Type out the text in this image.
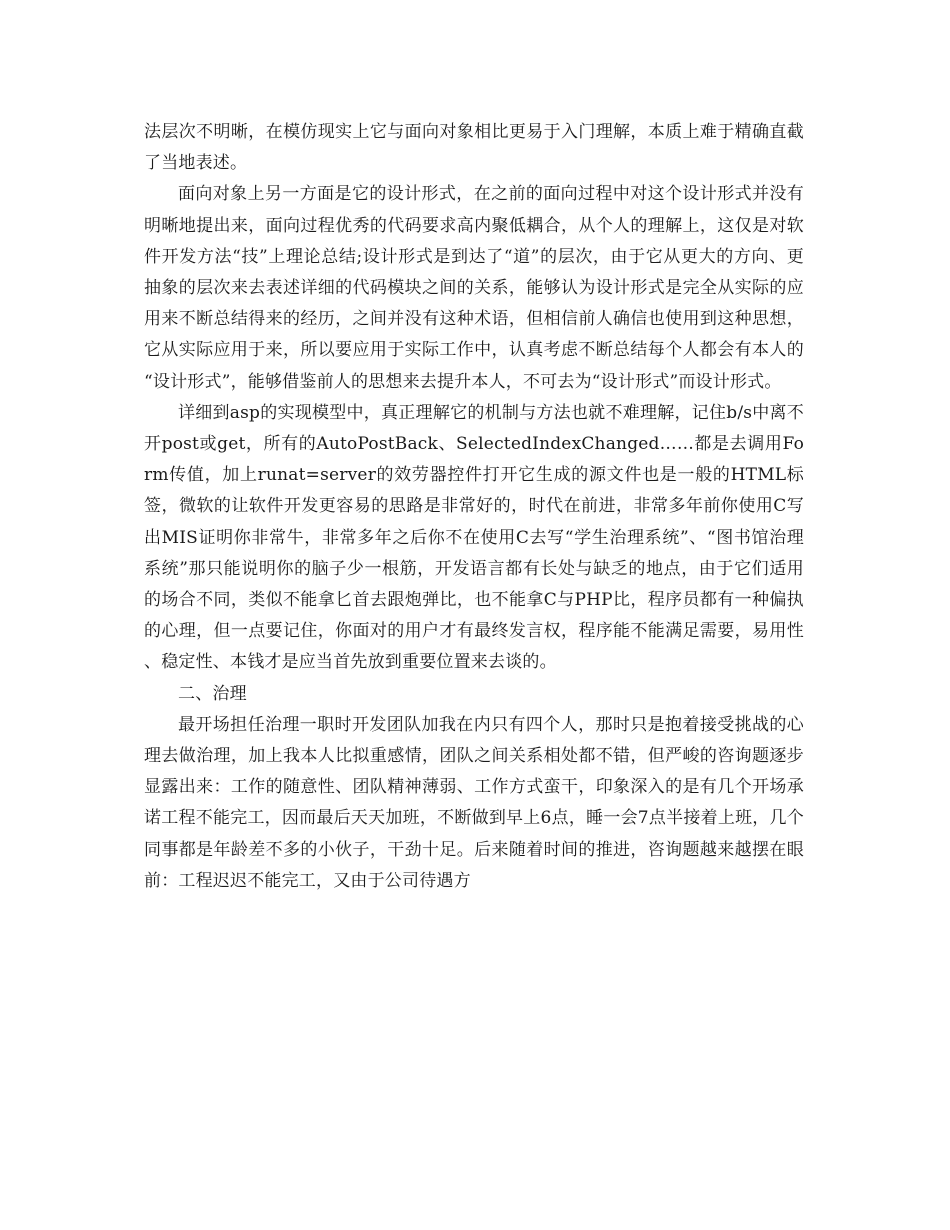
法层次不明晰，在模仿现实上它与面向对象相比更易于入门理解，本质上难于精确直截了当地表述。

面向对象上另一方面是它的设计形式，在之前的面向过程中对这个设计形式并没有明晰地提出来，面向过程优秀的代码要求高内聚低耦合，从个人的理解上，这仅是对软件开发方法“技”上理论总结;设计形式是到达了“道”的层次，由于它从更大的方向、更抽象的层次来去表述详细的代码模块之间的关系，能够认为设计形式是完全从实际的应用来不断总结得来的经历，之间并没有这种术语，但相信前人确信也使用到这种思想，它从实际应用于来，所以要应用于实际工作中，认真考虑不断总结每个人都会有本人的“设计形式”，能够借鉴前人的思想来去提升本人，不可去为“设计形式”而设计形式。

详细到asp的实现模型中，真正理解它的机制与方法也就不难理解，记住b/s中离不开post或get，所有的AutoPostBack、SelectedIndexChanged……都是去调用Form传值，加上runat=server的效劳器控件打开它生成的源文件也是一般的HTML标签，微软的让软件开发更容易的思路是非常好的，时代在前进，非常多年前你使用C写出MIS证明你非常牛，非常多年之后你不在使用C去写“学生治理系统”、“图书馆治理系统”那只能说明你的脑子少一根筋，开发语言都有长处与缺乏的地点，由于它们适用的场合不同，类似不能拿匕首去跟炮弹比，也不能拿C与PHP比，程序员都有一种偏执的心理，但一点要记住，你面对的用户才有最终发言权，程序能不能满足需要，易用性、稳定性、本钱才是应当首先放到重要位置来去谈的。

二、治理

最开场担任治理一职时开发团队加我在内只有四个人，那时只是抱着接受挑战的心理去做治理，加上我本人比拟重感情，团队之间关系相处都不错，但严峻的咨询题逐步显露出来：工作的随意性、团队精神薄弱、工作方式蛮干，印象深入的是有几个开场承诺工程不能完工，因而最后天天加班，不断做到早上6点，睡一会7点半接着上班，几个同事都是年龄差不多的小伙子，干劲十足。后来随着时间的推进，咨询题越来越摆在眼前：工程迟迟不能完工，又由于公司待遇方
